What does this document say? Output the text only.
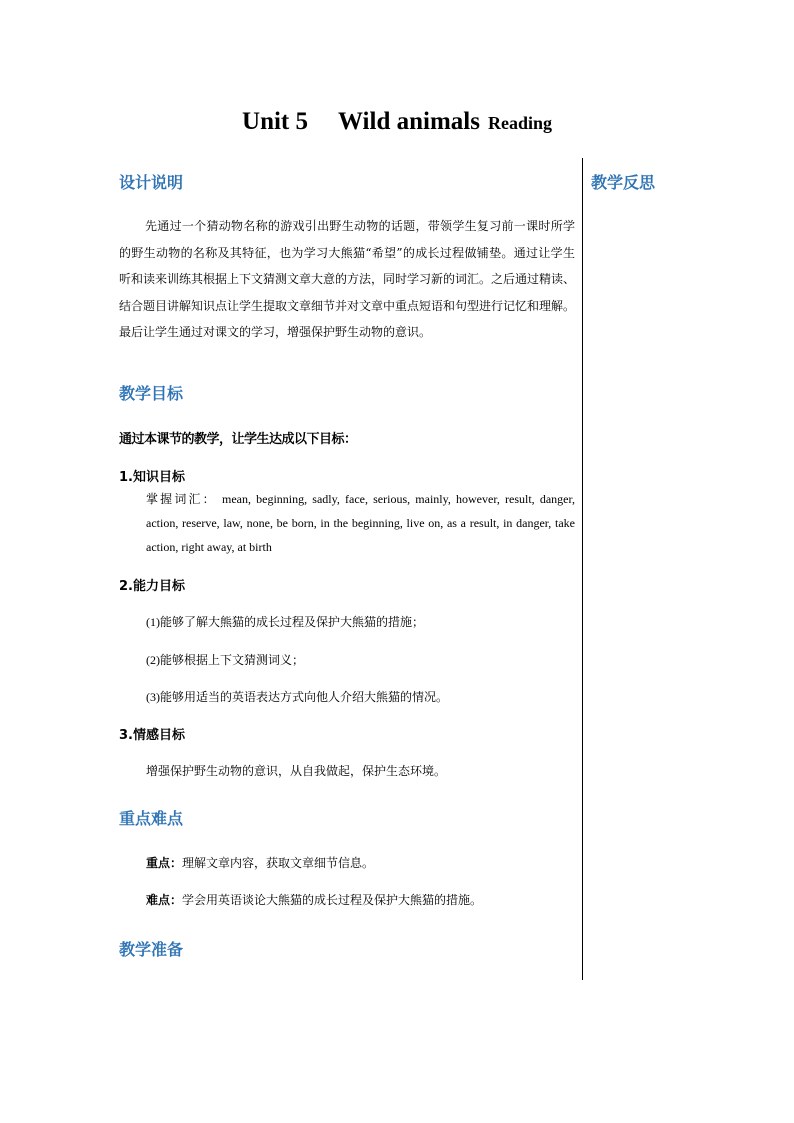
Unit 5 Wild animals Reading
教学反思
设计说明
先通过一个猜动物名称的游戏引出野生动物的话题，带领学生复习前一课时所学的野生动物的名称及其特征，也为学习大熊猫“希望”的成长过程做铺垫。通过让学生听和读来训练其根据上下文猜测文章大意的方法，同时学习新的词汇。之后通过精读、结合题目讲解知识点让学生提取文章细节并对文章中重点短语和句型进行记忆和理解。最后让学生通过对课文的学习，增强保护野生动物的意识。
教学目标
通过本课节的教学，让学生达成以下目标：
1.知识目标
掌握词汇： mean, beginning, sadly, face, serious, mainly, however, result, danger, action, reserve, law, none, be born, in the beginning, live on, as a result, in danger, take action, right away, at birth
2.能力目标
(1)能够了解大熊猫的成长过程及保护大熊猫的措施；
(2)能够根据上下文猜测词义；
(3)能够用适当的英语表达方式向他人介绍大熊猫的情况。
3.情感目标
增强保护野生动物的意识，从自我做起，保护生态环境。
重点难点
重点：理解文章内容，获取文章细节信息。
难点：学会用英语谈论大熊猫的成长过程及保护大熊猫的措施。
教学准备
